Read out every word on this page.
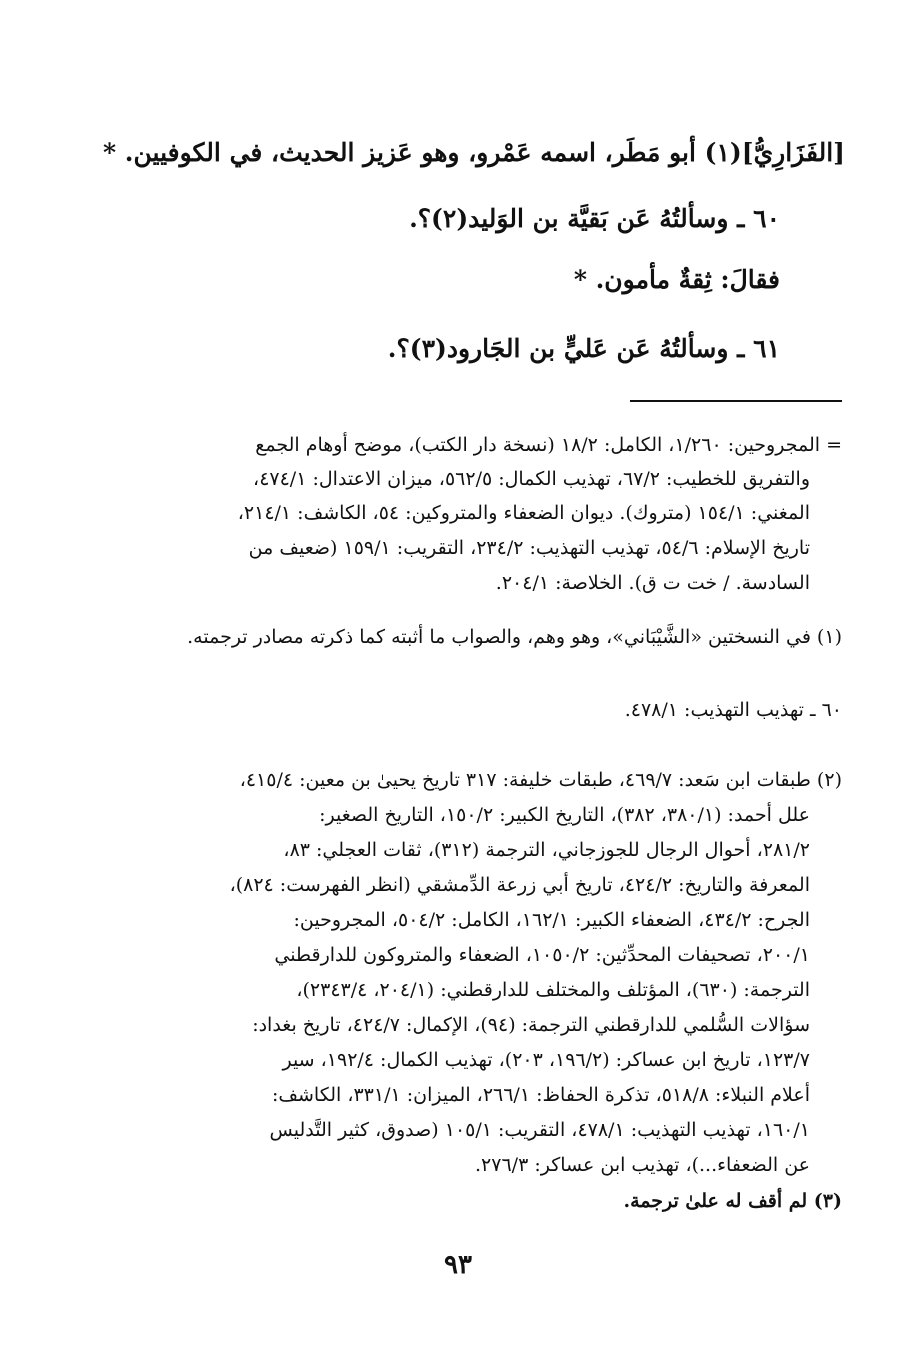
[الفَزَارِيُّ](١) أبو مَطَر، اسمه عَمْرو، وهو عَزيز الحديث، في الكوفيين. *
٦٠ ـ وسألتُهُ عَن بَقيَّة بن الوَليد(٢)؟.
فقالَ: ثِقةٌ مأمون. *
٦١ ـ وسألتُهُ عَن عَليٍّ بن الجَارود(٣)؟.
= المجروحين: ١/٢٦٠، الكامل: ١٨/٢ (نسخة دار الكتب)، موضح أوهام الجمع
والتفريق للخطيب: ٦٧/٢، تهذيب الكمال: ٥٦٢/٥، ميزان الاعتدال: ٤٧٤/١،
المغني: ١٥٤/١ (متروك). ديوان الضعفاء والمتروكين: ٥٤، الكاشف: ٢١٤/١،
تاريخ الإسلام: ٥٤/٦، تهذيب التهذيب: ٢٣٤/٢، التقريب: ١٥٩/١ (ضعيف من
السادسة. / خت ت ق). الخلاصة: ٢٠٤/١.
(١) في النسختين «الشَّيْبَاني»، وهو وهم، والصواب ما أثبته كما ذكرته مصادر ترجمته.
٦٠ ـ تهذيب التهذيب: ٤٧٨/١.
(٢) طبقات ابن سَعد: ٤٦٩/٧، طبقات خليفة: ٣١٧ تاريخ يحيىٰ بن معين: ٤١٥/٤،
علل أحمد: (٣٨٠/١، ٣٨٢)، التاريخ الكبير: ١٥٠/٢، التاريخ الصغير:
٢٨١/٢، أحوال الرجال للجوزجاني، الترجمة (٣١٢)، ثقات العجلي: ٨٣،
المعرفة والتاريخ: ٤٢٤/٢، تاريخ أبي زرعة الدِّمشقي (انظر الفهرست: ٨٢٤)،
الجرح: ٤٣٤/٢، الضعفاء الكبير: ١٦٢/١، الكامل: ٥٠٤/٢، المجروحين:
٢٠٠/١، تصحيفات المحدِّثين: ١٠٥٠/٢، الضعفاء والمتروكون للدارقطني
الترجمة: (٦٣٠)، المؤتلف والمختلف للدارقطني: (٢٠٤/١، ٢٣٤٣/٤)،
سؤالات السُّلمي للدارقطني الترجمة: (٩٤)، الإكمال: ٤٢٤/٧، تاريخ بغداد:
١٢٣/٧، تاريخ ابن عساكر: (١٩٦/٢، ٢٠٣)، تهذيب الكمال: ١٩٢/٤، سير
أعلام النبلاء: ٥١٨/٨، تذكرة الحفاظ: ٢٦٦/١، الميزان: ٣٣١/١، الكاشف:
١٦٠/١، تهذيب التهذيب: ٤٧٨/١، التقريب: ١٠٥/١ (صدوق، كثير التَّدليس
عن الضعفاء...)، تهذيب ابن عساكر: ٢٧٦/٣.
(٣) لم أقف له علىٰ ترجمة.
٩٣
